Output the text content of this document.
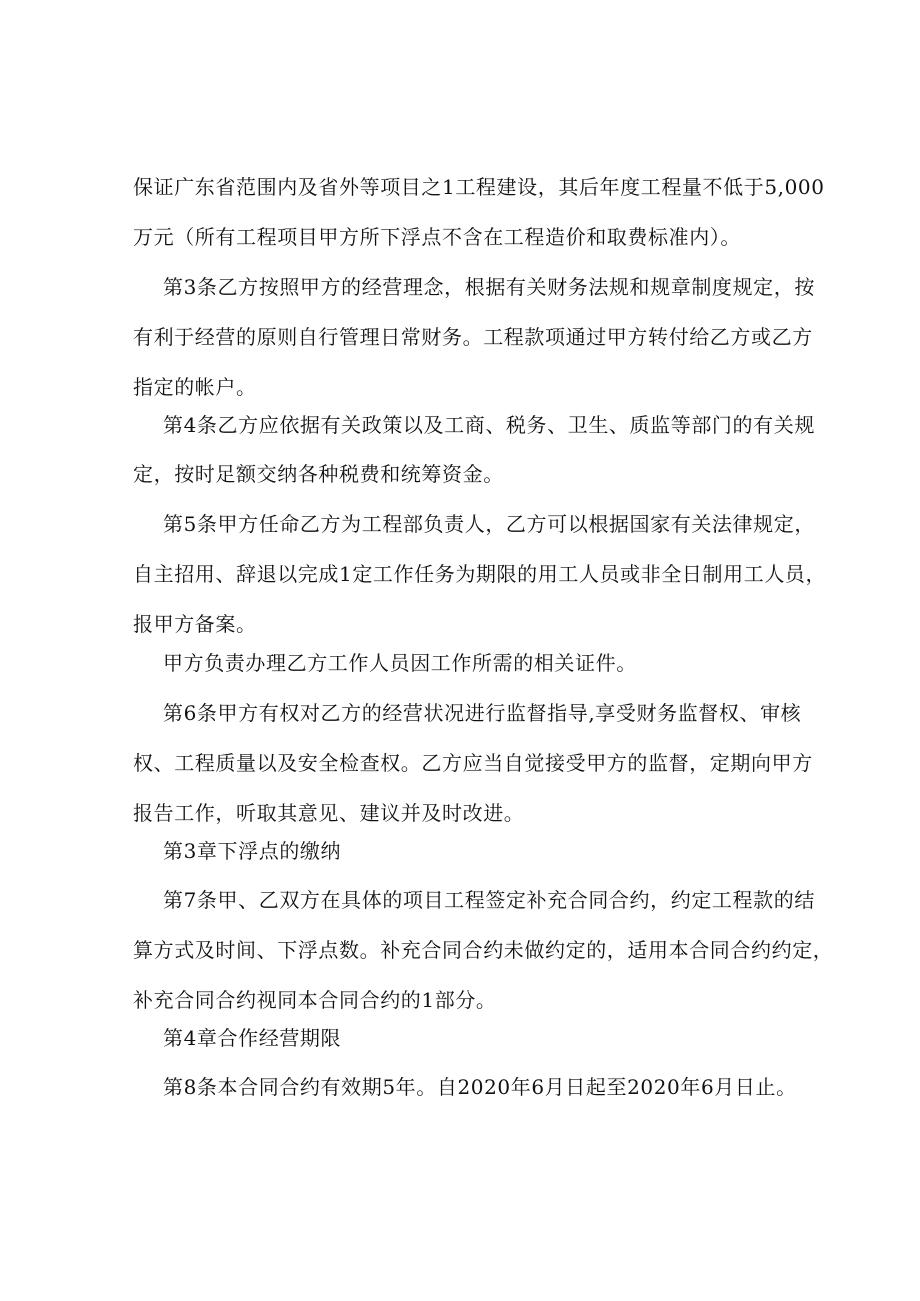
保证广东省范围内及省外等项目之1工程建设，其后年度工程量不低于5,000
万元（所有工程项目甲方所下浮点不含在工程造价和取费标准内）。
第3条乙方按照甲方的经营理念，根据有关财务法规和规章制度规定，按
有利于经营的原则自行管理日常财务。工程款项通过甲方转付给乙方或乙方
指定的帐户。
第4条乙方应依据有关政策以及工商、税务、卫生、质监等部门的有关规
定，按时足额交纳各种税费和统筹资金。
第5条甲方任命乙方为工程部负责人，乙方可以根据国家有关法律规定，
自主招用、辞退以完成1定工作任务为期限的用工人员或非全日制用工人员，
报甲方备案。
甲方负责办理乙方工作人员因工作所需的相关证件。
第6条甲方有权对乙方的经营状况进行监督指导,享受财务监督权、审核
权、工程质量以及安全检查权。乙方应当自觉接受甲方的监督，定期向甲方
报告工作，听取其意见、建议并及时改进。
第3章下浮点的缴纳
第7条甲、乙双方在具体的项目工程签定补充合同合约，约定工程款的结
算方式及时间、下浮点数。补充合同合约未做约定的，适用本合同合约约定，
补充合同合约视同本合同合约的1部分。
第4章合作经营期限
第8条本合同合约有效期5年。自2020年6月日起至2020年6月日止。
